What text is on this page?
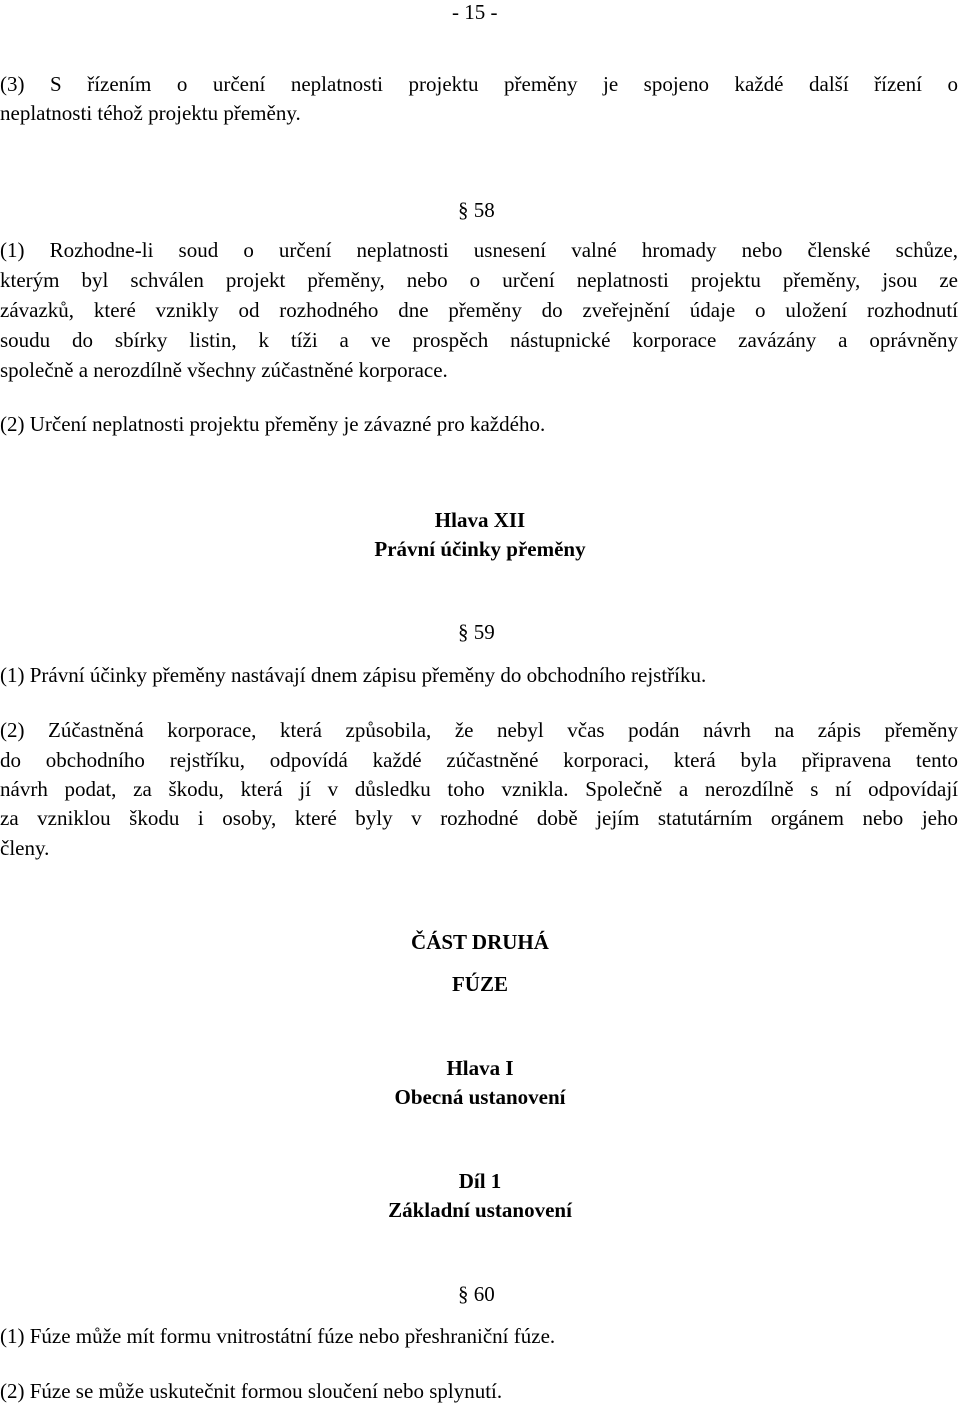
- 15 -
(3) S řízením o určení neplatnosti projektu přeměny je spojeno každé další řízení o
neplatnosti téhož projektu přeměny.
§ 58
(1) Rozhodne-li soud o určení neplatnosti usnesení valné hromady nebo členské schůze,
kterým byl schválen projekt přeměny, nebo o určení neplatnosti projektu přeměny, jsou ze
závazků, které vznikly od rozhodného dne přeměny do zveřejnění údaje o uložení rozhodnutí
soudu do sbírky listin, k tíži a ve prospěch nástupnické korporace zavázány a oprávněny
společně a nerozdílně všechny zúčastněné korporace.
(2) Určení neplatnosti projektu přeměny je závazné pro každého.
Hlava XII
Právní účinky přeměny
§ 59
(1) Právní účinky přeměny nastávají dnem zápisu přeměny do obchodního rejstříku.
(2) Zúčastněná korporace, která způsobila, že nebyl včas podán návrh na zápis přeměny
do obchodního rejstříku, odpovídá každé zúčastněné korporaci, která byla připravena tento
návrh podat, za škodu, která jí v důsledku toho vznikla. Společně a nerozdílně s ní odpovídají
za vzniklou škodu i osoby, které byly v rozhodné době jejím statutárním orgánem nebo jeho
členy.
ČÁST DRUHÁ
FÚZE
Hlava I
Obecná ustanovení
Díl 1
Základní ustanovení
§ 60
(1) Fúze může mít formu vnitrostátní fúze nebo přeshraniční fúze.
(2) Fúze se může uskutečnit formou sloučení nebo splynutí.
